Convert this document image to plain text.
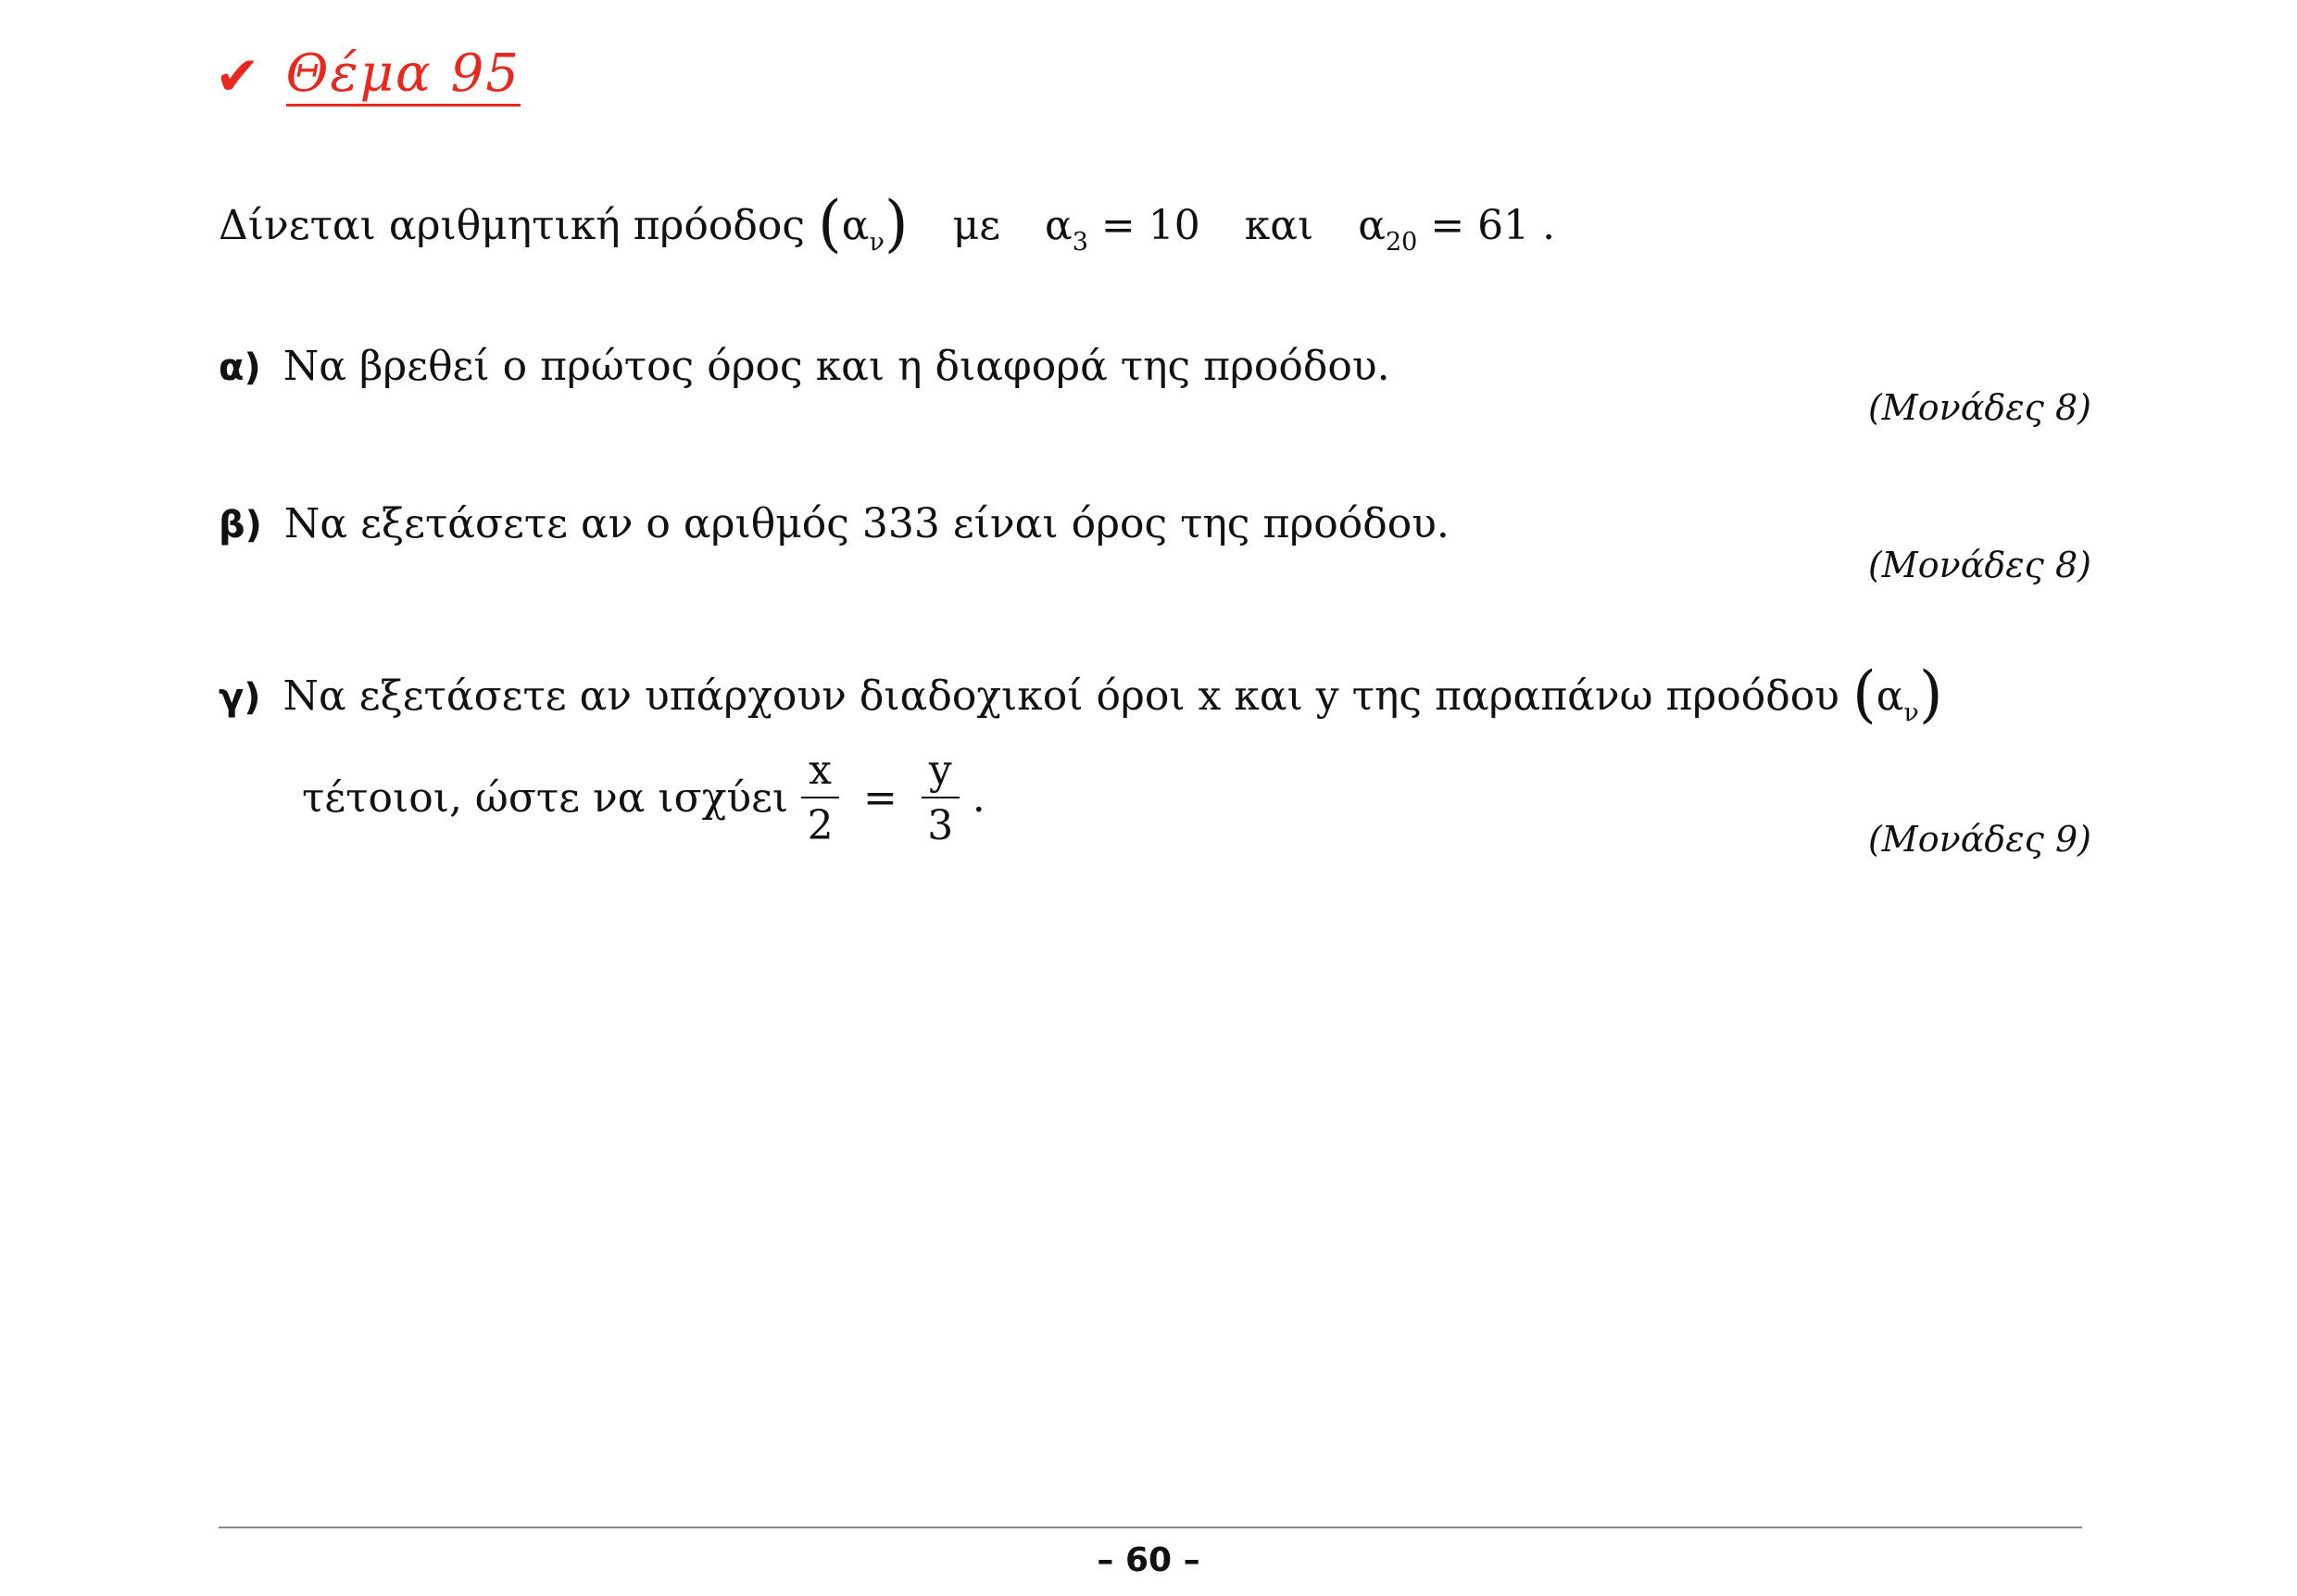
✔ Θέμα 95
Δίνεται αριθμητική πρόοδος $(\alpha_\nu)$ με $\alpha_3 = 10$ και $\alpha_{20} = 61$ .
α) Να βρεθεί ο πρώτος όρος και η διαφορά της προόδου.
(Μονάδες 8)
β) Να εξετάσετε αν ο αριθμός 333 είναι όρος της προόδου.
(Μονάδες 8)
γ) Να εξετάσετε αν υπάρχουν διαδοχικοί όροι x και y της παραπάνω προόδου $(\alpha_\nu)$
τέτοιοι, ώστε να ισχύει $\frac{x}{2} = \frac{y}{3}$ .
(Μονάδες 9)
– 60 –
